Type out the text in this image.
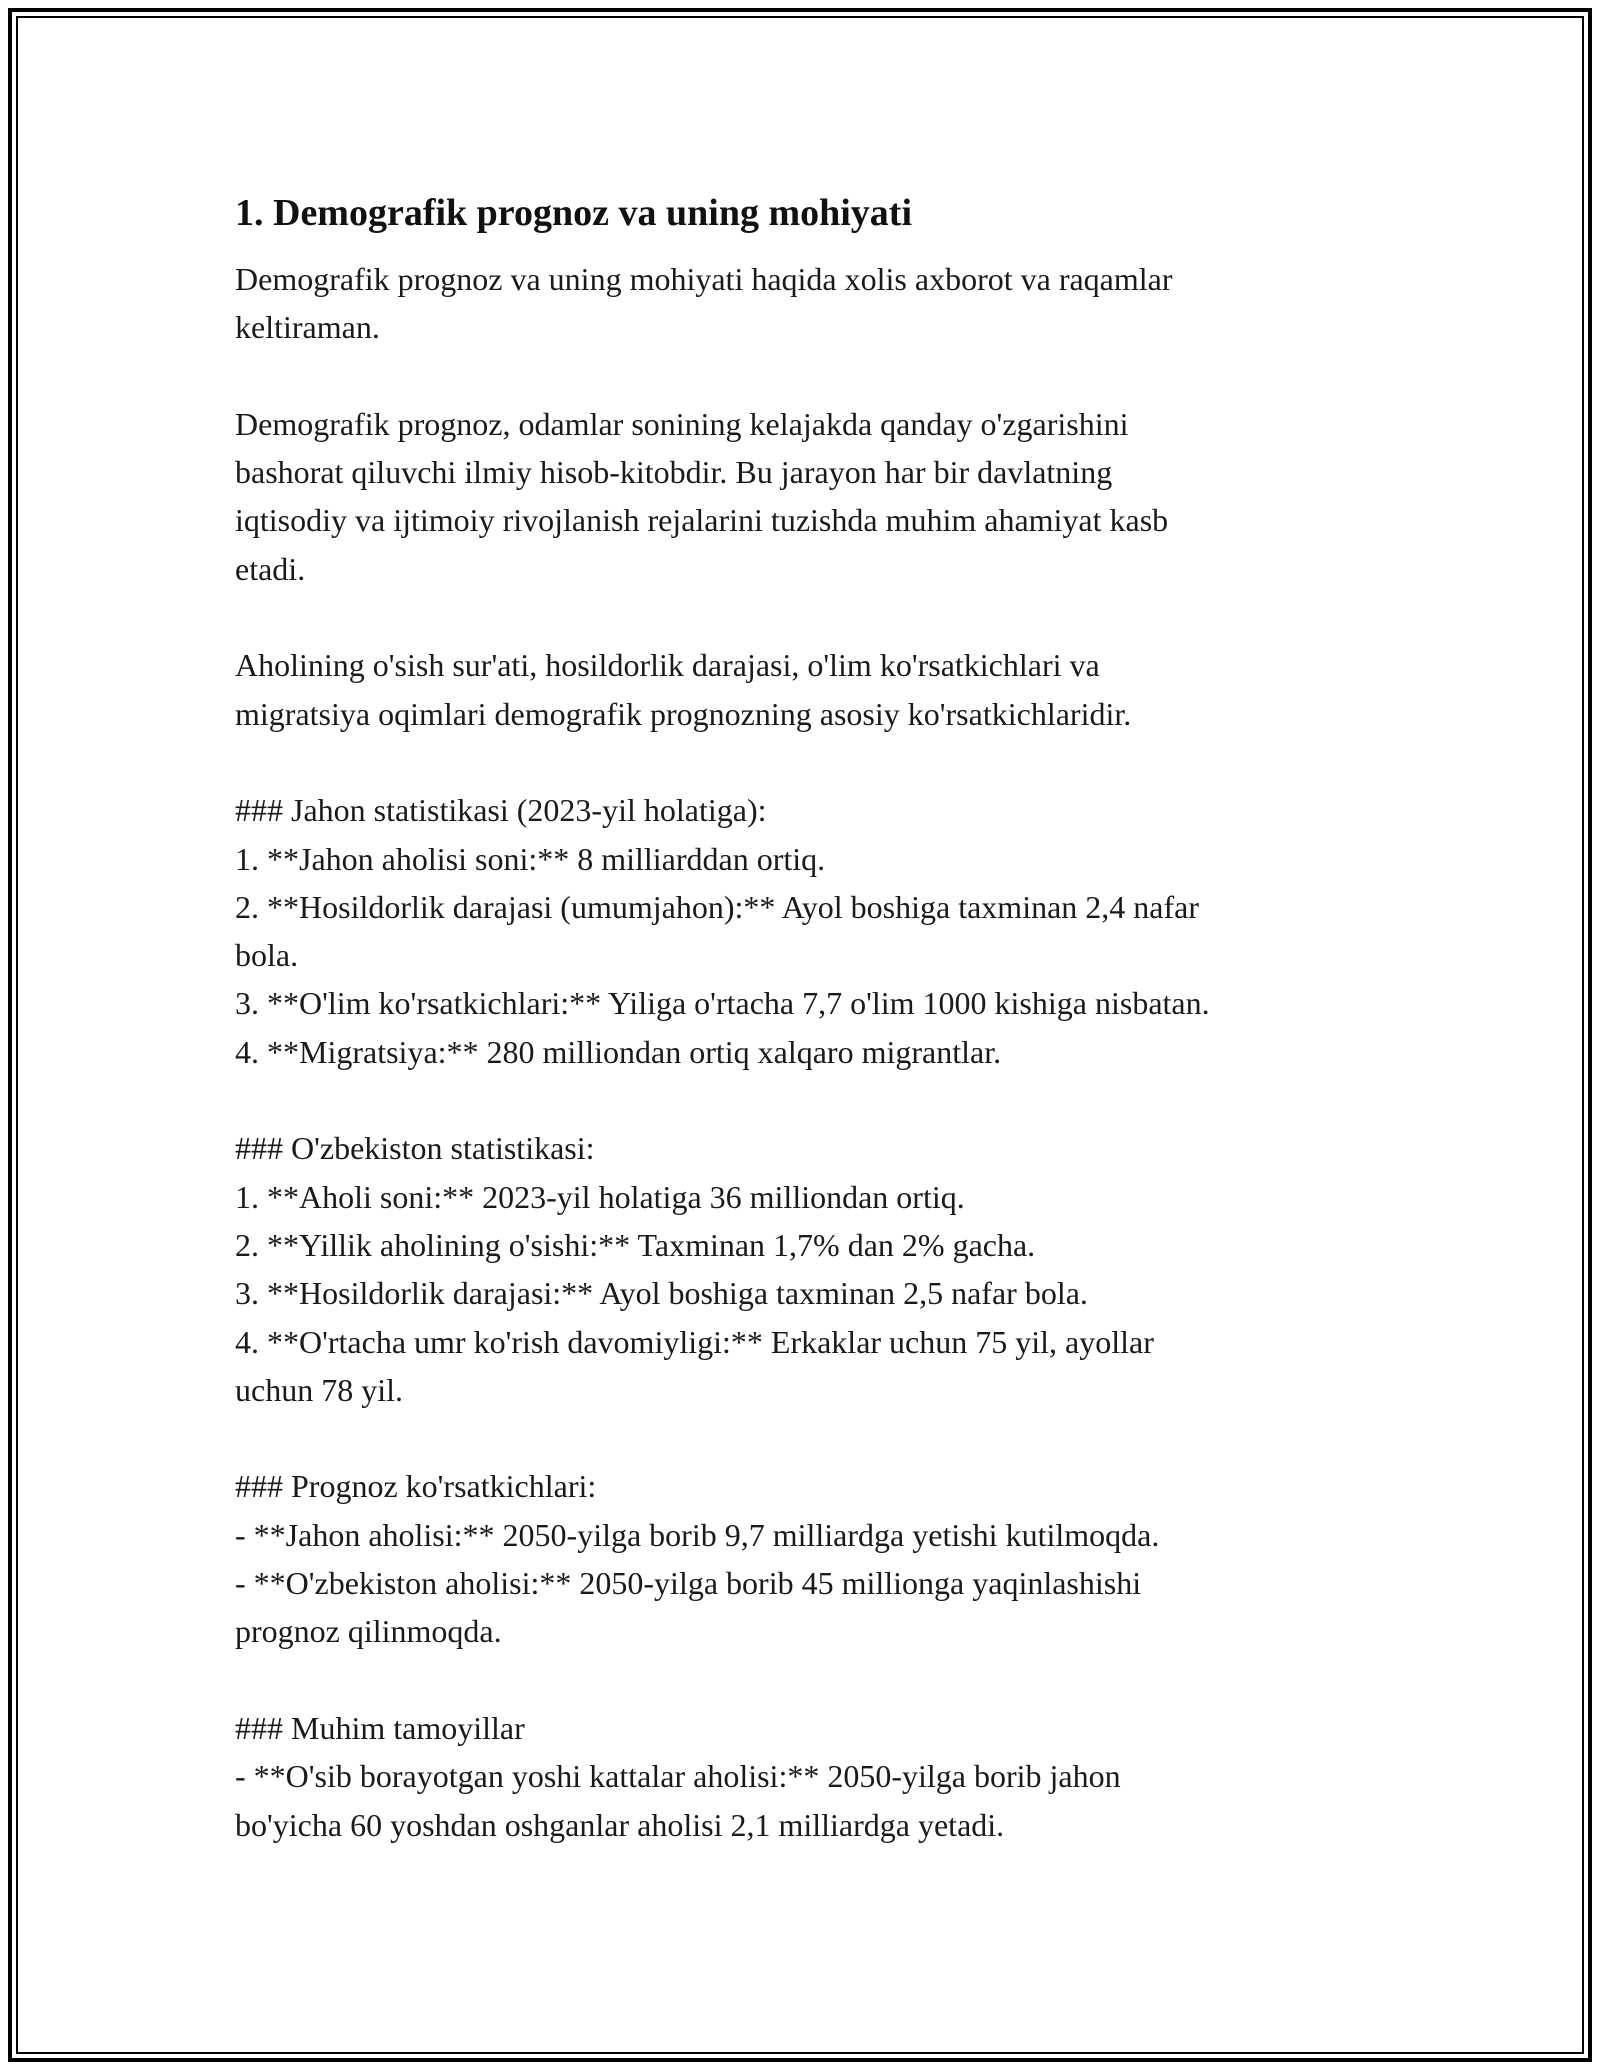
1. Demografik prognoz va uning mohiyati

Demografik prognoz va uning mohiyati haqida xolis axborot va raqamlar

keltiraman.

Demografik prognoz, odamlar sonining kelajakda qanday o'zgarishini

bashorat qiluvchi ilmiy hisob-kitobdir. Bu jarayon har bir davlatning

iqtisodiy va ijtimoiy rivojlanish rejalarini tuzishda muhim ahamiyat kasb

etadi.

Aholining o'sish sur'ati, hosildorlik darajasi, o'lim ko'rsatkichlari va

migratsiya oqimlari demografik prognozning asosiy ko'rsatkichlaridir.

### Jahon statistikasi (2023-yil holatiga):

1. **Jahon aholisi soni:** 8 milliarddan ortiq.

2. **Hosildorlik darajasi (umumjahon):** Ayol boshiga taxminan 2,4 nafar

bola.

3. **O'lim ko'rsatkichlari:** Yiliga o'rtacha 7,7 o'lim 1000 kishiga nisbatan.

4. **Migratsiya:** 280 milliondan ortiq xalqaro migrantlar.

### O'zbekiston statistikasi:

1. **Aholi soni:** 2023-yil holatiga 36 milliondan ortiq.

2. **Yillik aholining o'sishi:** Taxminan 1,7% dan 2% gacha.

3. **Hosildorlik darajasi:** Ayol boshiga taxminan 2,5 nafar bola.

4. **O'rtacha umr ko'rish davomiyligi:** Erkaklar uchun 75 yil, ayollar

uchun 78 yil.

### Prognoz ko'rsatkichlari:

- **Jahon aholisi:** 2050-yilga borib 9,7 milliardga yetishi kutilmoqda.

- **O'zbekiston aholisi:** 2050-yilga borib 45 millionga yaqinlashishi

prognoz qilinmoqda.

### Muhim tamoyillar

- **O'sib borayotgan yoshi kattalar aholisi:** 2050-yilga borib jahon

bo'yicha 60 yoshdan oshganlar aholisi 2,1 milliardga yetadi.
